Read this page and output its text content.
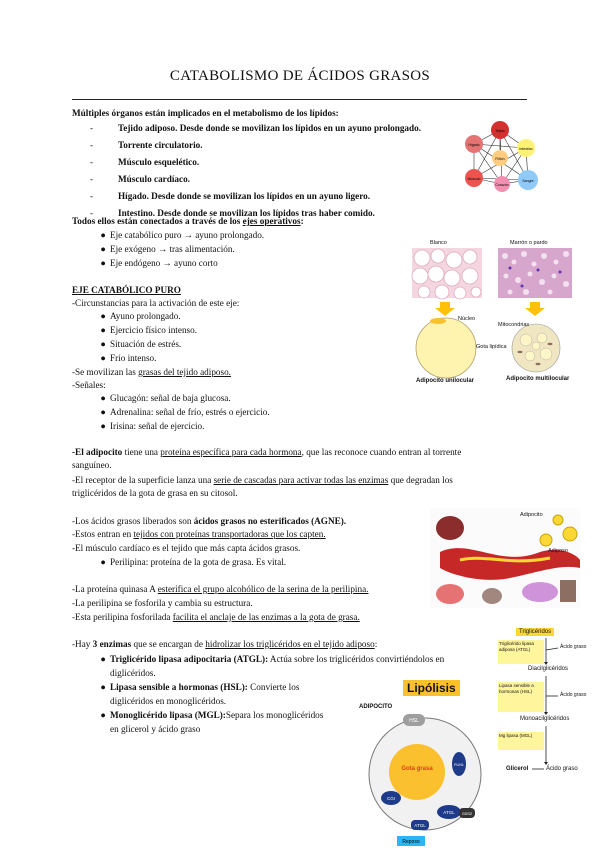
CATABOLISMO DE ÁCIDOS GRASOS
Múltiples órganos están implicados en el metabolismo de los lípidos:
-	Tejido adiposo. Desde donde se movilizan los lípidos en un ayuno prolongado.
-	Torrente circulatorio.
-	Músculo esquelético.
-	Músculo cardíaco.
-	Hígado. Desde donde se movilizan los lípidos en un ayuno ligero.
-	Intestino. Desde donde se movilizan los lípidos tras haber comido.
Hígado
Tejido
Intestino
Músculo
Corazón
Sangre
Riñón
Todos ellos están conectados a través de los ejes operativos:
● Eje catabólico puro → ayuno prolongado.
● Eje exógeno → tras alimentación.
● Eje endógeno → ayuno corto
Blanco	Marrón o pardo
Núcleo
Mitocondrias
Gota lipídica
Adipocito unilocular	Adipocito multilocular
EJE CATABÓLICO PURO
-Circunstancias para la activación de este eje:
● Ayuno prolongado.
● Ejercicio físico intenso.
● Situación de estrés.
● Frío intenso.
-Se movilizan las grasas del tejido adiposo.
-Señales:
● Glucagón: señal de baja glucosa.
● Adrenalina: señal de frío, estrés o ejercicio.
● Irisina: señal de ejercicio.
-El adipocito tiene una proteína específica para cada hormona, que las reconoce cuando entran al torrente
sanguíneo.
-El receptor de la superficie lanza una serie de cascadas para activar todas las enzimas que degradan los
triglicéridos de la gota de grasa en su citosol.
-Los ácidos grasos liberados son ácidos grasos no esterificados (AGNE).
-Estos entran en tejidos con proteínas transportadoras que los capten.
-El músculo cardíaco es el tejido que más capta ácidos grasos.
● Perilipina: proteína de la gota de grasa. Es vital.
Adipocito
Adiposo
-La proteína quinasa A esterifica el grupo alcohólico de la serina de la perilipina.
-La perilipina se fosforila y cambia su estructura.
-Esta perilipina fosforilada facilita el anclaje de las enzimas a la gota de grasa.
-Hay 3 enzimas que se encargan de hidrolizar los triglicéridos en el tejido adiposo:
● Triglicérido lipasa adipocitaria (ATGL): Actúa sobre los triglicéridos convirtiéndolos en
diglicéridos.
● Lipasa sensible a hormonas (HSL): Convierte los
diglicéridos en monoglicéridos.
● Monoglicérido lipasa (MGL):Separa los monoglicéridos
en glicerol y ácido graso
Lipólisis
ADIPOCITO
HSL
Gota grasa
ATGL
ATGL
G0S2
CGI
PLIN1
Reposo
Triglicéridos
Diacilglicéridos
Monoacilglicéridos
Glicerol	Ácido graso
Triglicérido lipasa adiposa (ATGL)
Lipasa sensible a hormonas (HSL)
Mg lipasa (MGL)
Ácido graso
Ácido graso
